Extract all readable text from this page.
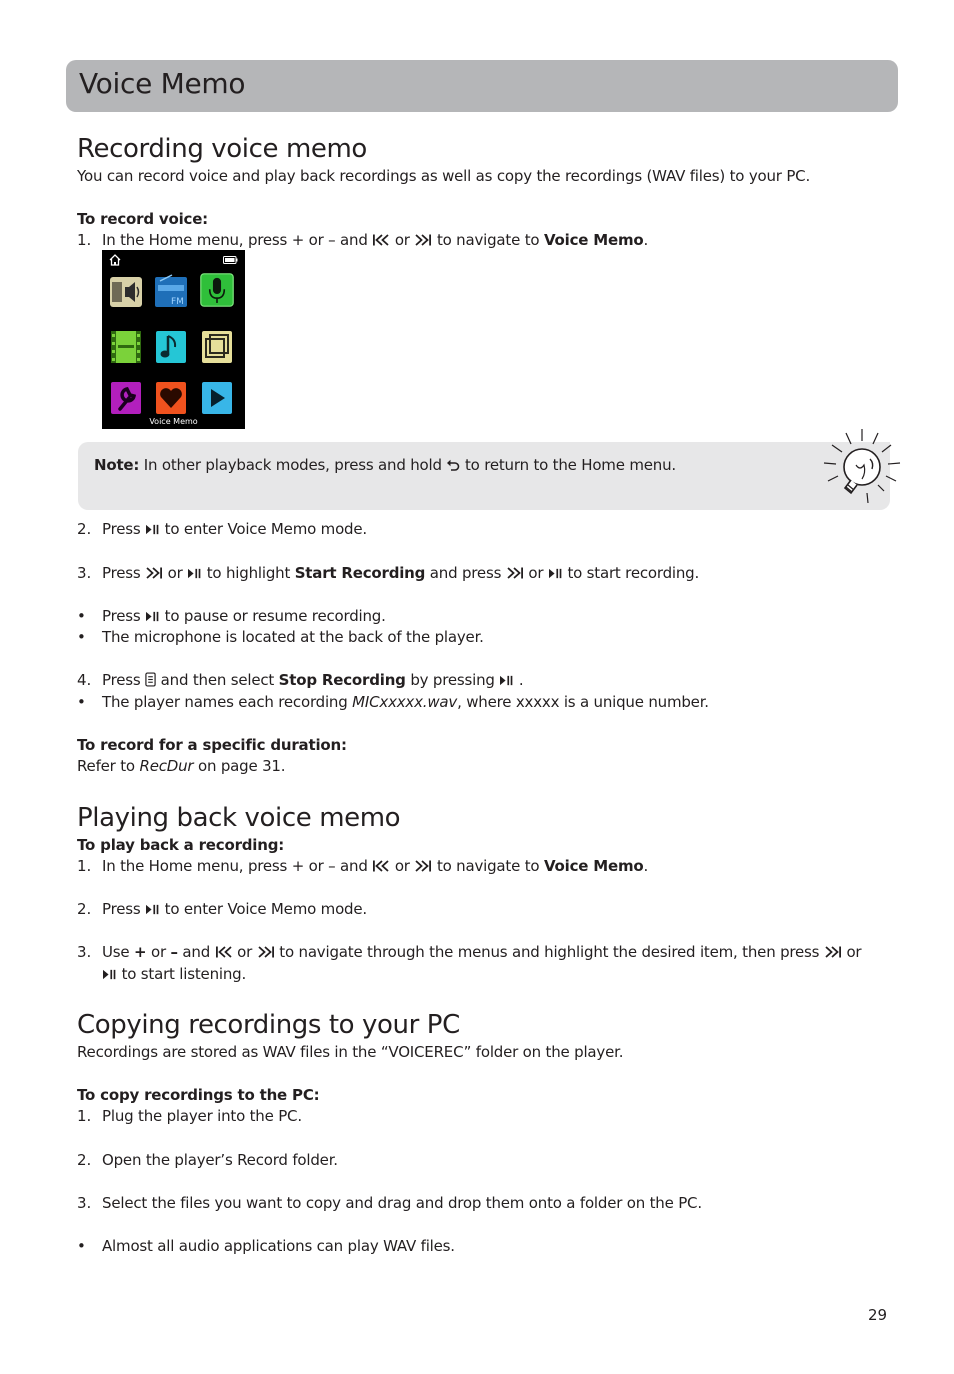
Voice Memo
Recording voice memo
You can record voice and play back recordings as well as copy the recordings (WAV files) to your PC.
To record voice:
1. In the Home menu, press + or – and or to navigate to Voice Memo.
FM
Voice Memo
Note: In other playback modes, press and hold to return to the Home menu.
2. Press to enter Voice Memo mode.
3. Press or to highlight Start Recording and press or to start recording.
• Press to pause or resume recording.
• The microphone is located at the back of the player.
4. Press and then select Stop Recording by pressing .
• The player names each recording MICxxxxx.wav, where xxxxx is a unique number.
To record for a specific duration:
Refer to RecDur on page 31.
Playing back voice memo
To play back a recording:
1. In the Home menu, press + or – and or to navigate to Voice Memo.
2. Press to enter Voice Memo mode.
3. Use + or – and or to navigate through the menus and highlight the desired item, then press or
to start listening.
Copying recordings to your PC
Recordings are stored as WAV files in the “VOICEREC” folder on the player.
To copy recordings to the PC:
1. Plug the player into the PC.
2. Open the player’s Record folder.
3. Select the files you want to copy and drag and drop them onto a folder on the PC.
• Almost all audio applications can play WAV files.
29
